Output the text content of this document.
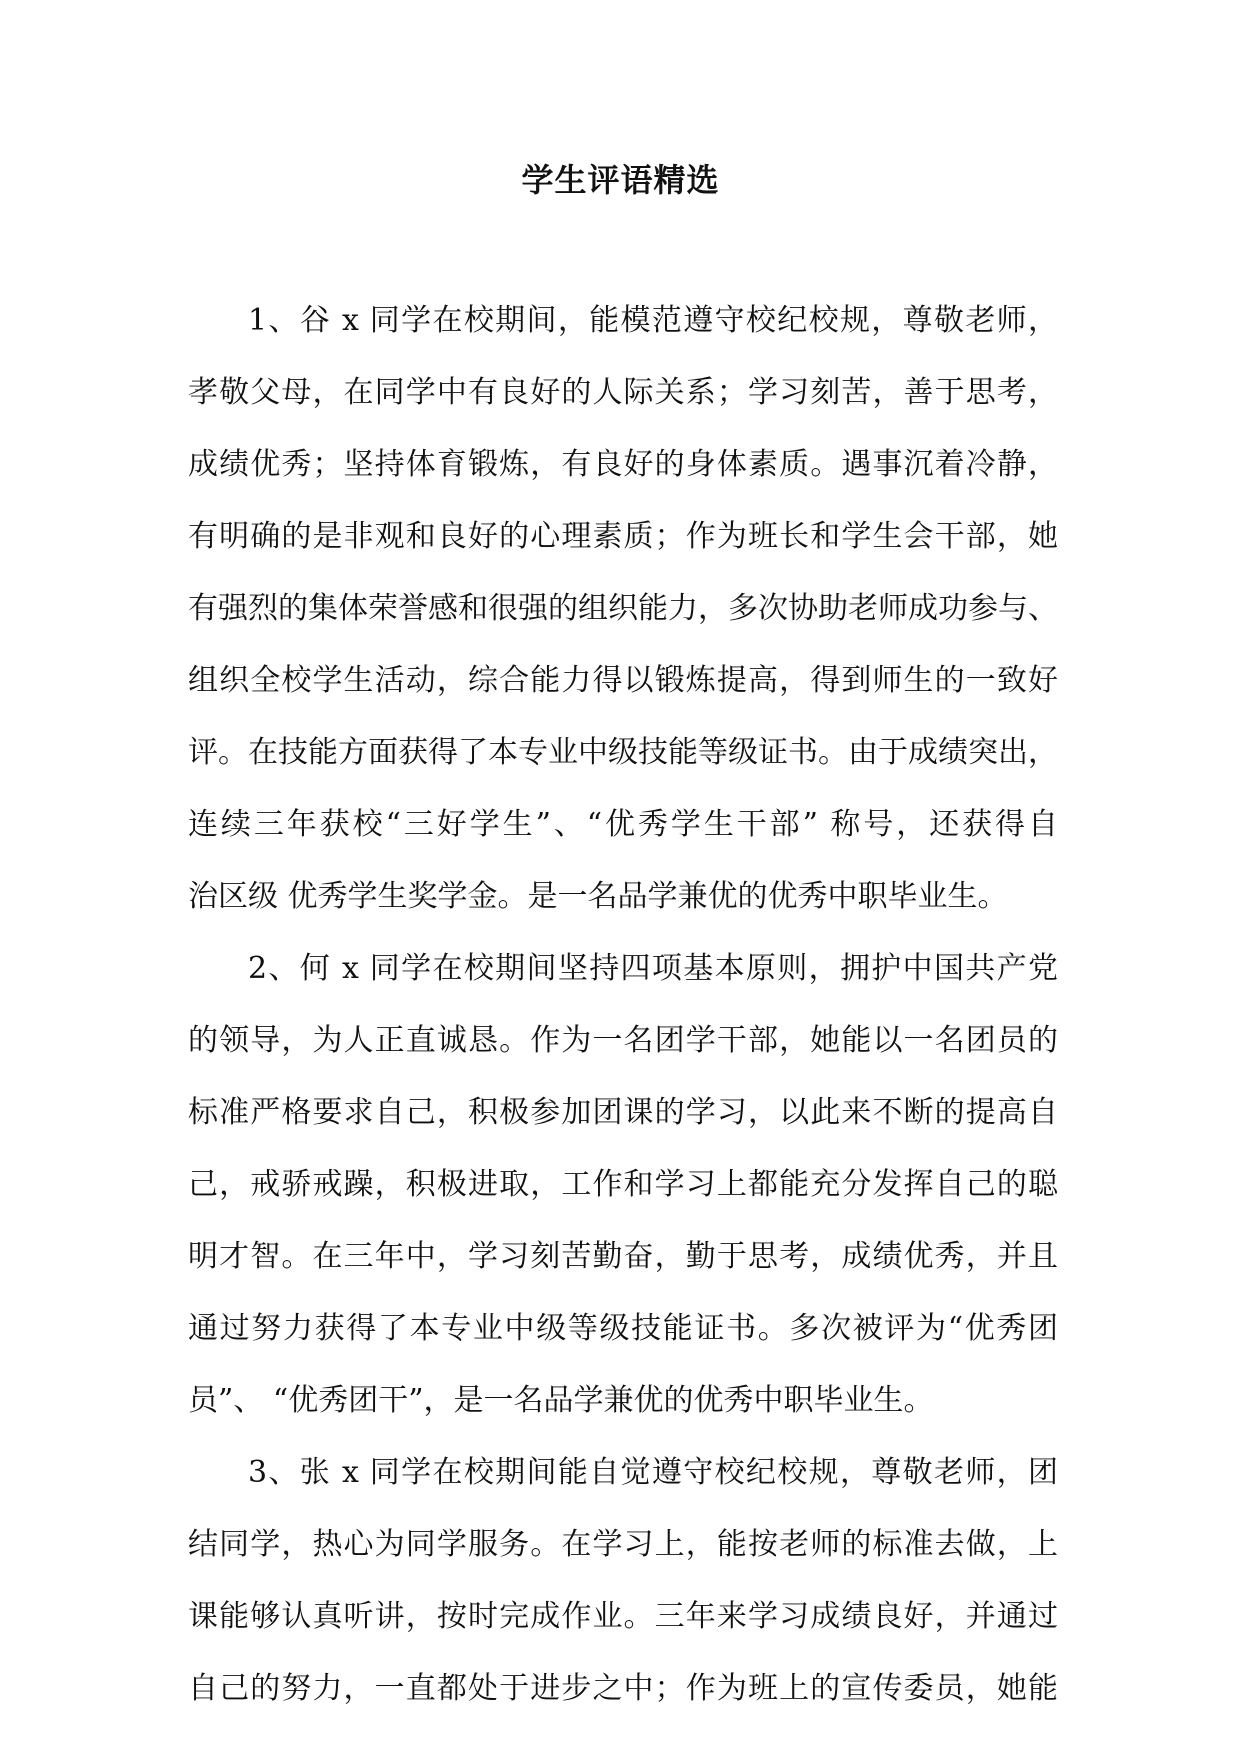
学生评语精选
1、谷 x 同学在校期间，能模范遵守校纪校规，尊敬老师，
孝敬父母，在同学中有良好的人际关系；学习刻苦，善于思考，
成绩优秀；坚持体育锻炼，有良好的身体素质。遇事沉着冷静，
有明确的是非观和良好的心理素质；作为班长和学生会干部，她
有强烈的集体荣誉感和很强的组织能力，多次协助老师成功参与、
组织全校学生活动，综合能力得以锻炼提高，得到师生的一致好
评。在技能方面获得了本专业中级技能等级证书。由于成绩突出，
连续三年获校“三好学生”、“优秀学生干部” 称号，还获得自
治区级 优秀学生奖学金。是一名品学兼优的优秀中职毕业生。
2、何 x 同学在校期间坚持四项基本原则，拥护中国共产党
的领导，为人正直诚恳。作为一名团学干部，她能以一名团员的
标准严格要求自己，积极参加团课的学习，以此来不断的提高自
己，戒骄戒躁，积极进取，工作和学习上都能充分发挥自己的聪
明才智。在三年中，学习刻苦勤奋，勤于思考，成绩优秀，并且
通过努力获得了本专业中级等级技能证书。多次被评为“优秀团
员”、 “优秀团干”，是一名品学兼优的优秀中职毕业生。
3、张 x 同学在校期间能自觉遵守校纪校规，尊敬老师，团
结同学，热心为同学服务。在学习上，能按老师的标准去做，上
课能够认真听讲，按时完成作业。三年来学习成绩良好，并通过
自己的努力，一直都处于进步之中；作为班上的宣传委员，她能
